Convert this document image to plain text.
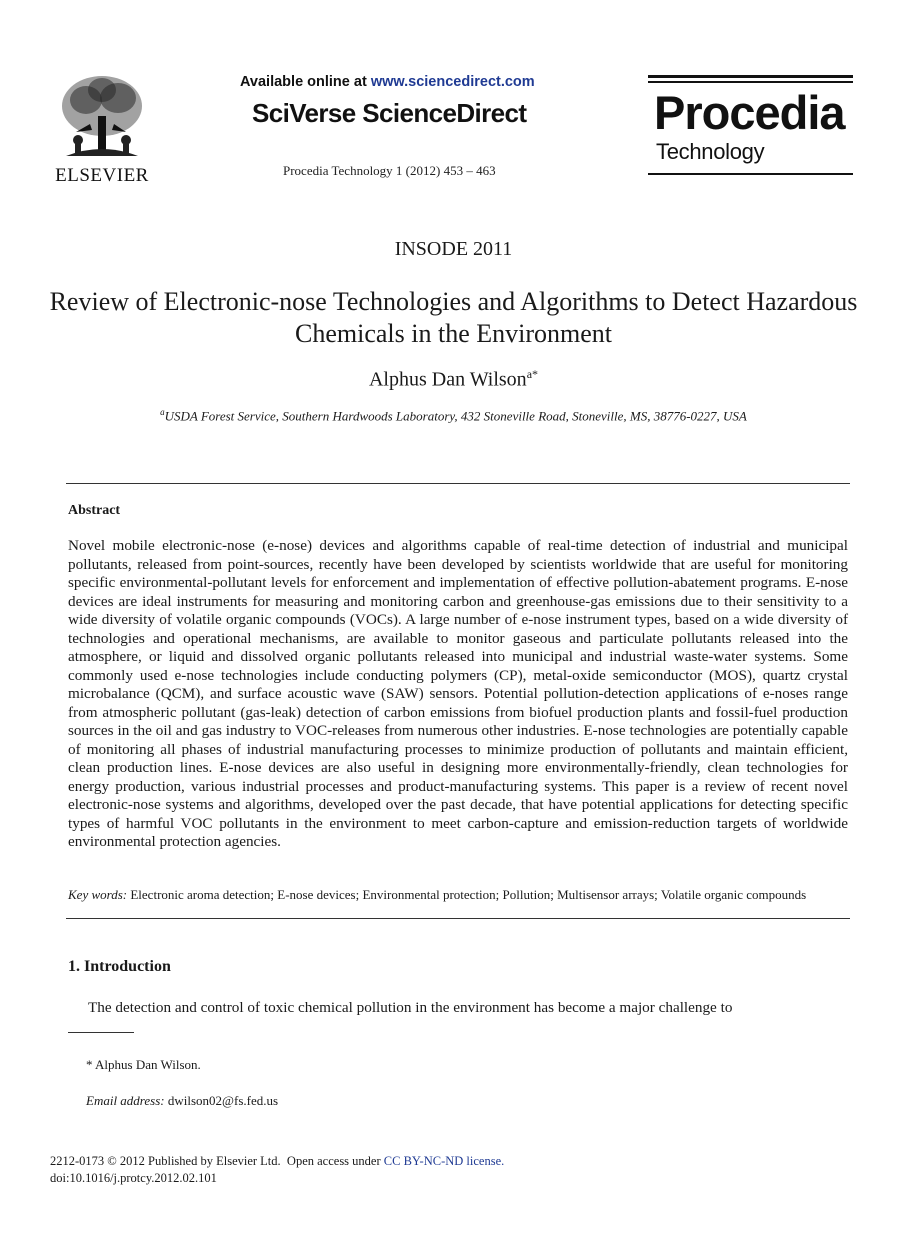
ELSEVIER
Available online at www.sciencedirect.com
SciVerse ScienceDirect
Procedia Technology 1 (2012) 453 – 463
Procedia
Technology
INSODE 2011
Review of Electronic-nose Technologies and Algorithms to Detect Hazardous Chemicals in the Environment
Alphus Dan Wilson$^{a*}$
$^a$USDA Forest Service, Southern Hardwoods Laboratory, 432 Stoneville Road, Stoneville, MS, 38776-0227, USA
Abstract
Novel mobile electronic-nose (e-nose) devices and algorithms capable of real-time detection of industrial and municipal pollutants, released from point-sources, recently have been developed by scientists worldwide that are useful for monitoring specific environmental-pollutant levels for enforcement and implementation of effective pollution-abatement programs. E-nose devices are ideal instruments for measuring and monitoring carbon and greenhouse-gas emissions due to their sensitivity to a wide diversity of volatile organic compounds (VOCs). A large number of e-nose instrument types, based on a wide diversity of technologies and operational mechanisms, are available to monitor gaseous and particulate pollutants released into the atmosphere, or liquid and dissolved organic pollutants released into municipal and industrial waste-water systems. Some commonly used e-nose technologies include conducting polymers (CP), metal-oxide semiconductor (MOS), quartz crystal microbalance (QCM), and surface acoustic wave (SAW) sensors. Potential pollution-detection applications of e-noses range from atmospheric pollutant (gas-leak) detection of carbon emissions from biofuel production plants and fossil-fuel production sources in the oil and gas industry to VOC-releases from numerous other industries. E-nose technologies are potentially capable of monitoring all phases of industrial manufacturing processes to minimize production of pollutants and maintain efficient, clean production lines. E-nose devices are also useful in designing more environmentally-friendly, clean technologies for energy production, various industrial processes and product-manufacturing systems. This paper is a review of recent novel electronic-nose systems and algorithms, developed over the past decade, that have potential applications for detecting specific types of harmful VOC pollutants in the environment to meet carbon-capture and emission-reduction targets of worldwide environmental protection agencies.
Key words: Electronic aroma detection; E-nose devices; Environmental protection; Pollution; Multisensor arrays; Volatile organic compounds
1. Introduction
The detection and control of toxic chemical pollution in the environment has become a major challenge to
* Alphus Dan Wilson.
Email address: dwilson02@fs.fed.us
2212-0173 © 2012 Published by Elsevier Ltd. Open access under CC BY-NC-ND license.
doi:10.1016/j.protcy.2012.02.101
